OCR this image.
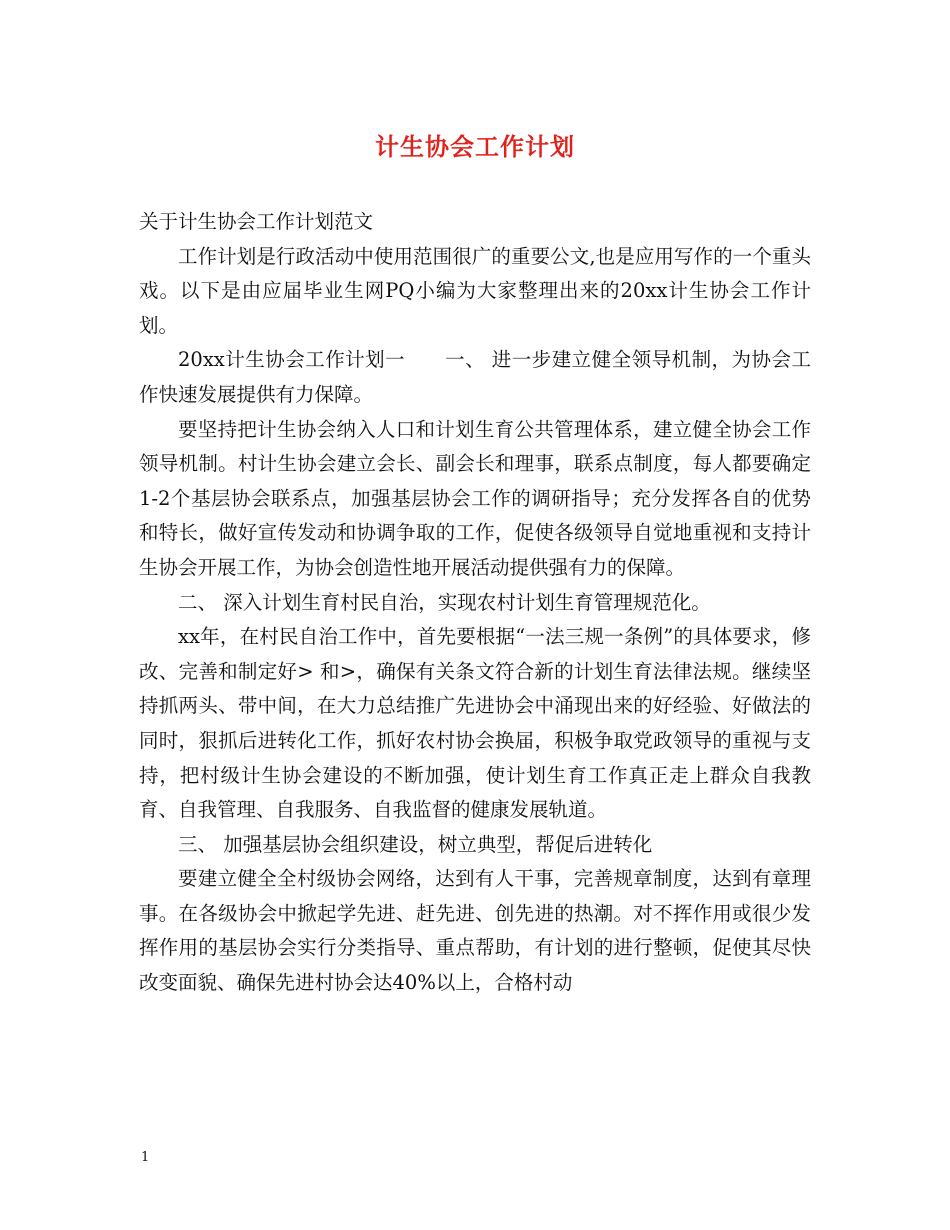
计生协会工作计划

关于计生协会工作计划范文

工作计划是行政活动中使用范围很广的重要公文,也是应用写作的一个重头戏。以下是由应届毕业生网PQ小编为大家整理出来的20xx计生协会工作计划。

20xx计生协会工作计划一　　一、 进一步建立健全领导机制，为协会工作快速发展提供有力保障。

要坚持把计生协会纳入人口和计划生育公共管理体系，建立健全协会工作领导机制。村计生协会建立会长、副会长和理事，联系点制度，每人都要确定1-2个基层协会联系点，加强基层协会工作的调研指导；充分发挥各自的优势和特长，做好宣传发动和协调争取的工作，促使各级领导自觉地重视和支持计生协会开展工作，为协会创造性地开展活动提供强有力的保障。

二、 深入计划生育村民自治，实现农村计划生育管理规范化。

xx年，在村民自治工作中，首先要根据“一法三规一条例”的具体要求，修改、完善和制定好> 和>，确保有关条文符合新的计划生育法律法规。继续坚持抓两头、带中间，在大力总结推广先进协会中涌现出来的好经验、好做法的同时，狠抓后进转化工作，抓好农村协会换届，积极争取党政领导的重视与支持，把村级计生协会建设的不断加强，使计划生育工作真正走上群众自我教育、自我管理、自我服务、自我监督的健康发展轨道。

三、 加强基层协会组织建设，树立典型，帮促后进转化

要建立健全全村级协会网络，达到有人干事，完善规章制度，达到有章理事。在各级协会中掀起学先进、赶先进、创先进的热潮。对不挥作用或很少发挥作用的基层协会实行分类指导、重点帮助，有计划的进行整顿，促使其尽快改变面貌、确保先进村协会达40%以上，合格村动

1
